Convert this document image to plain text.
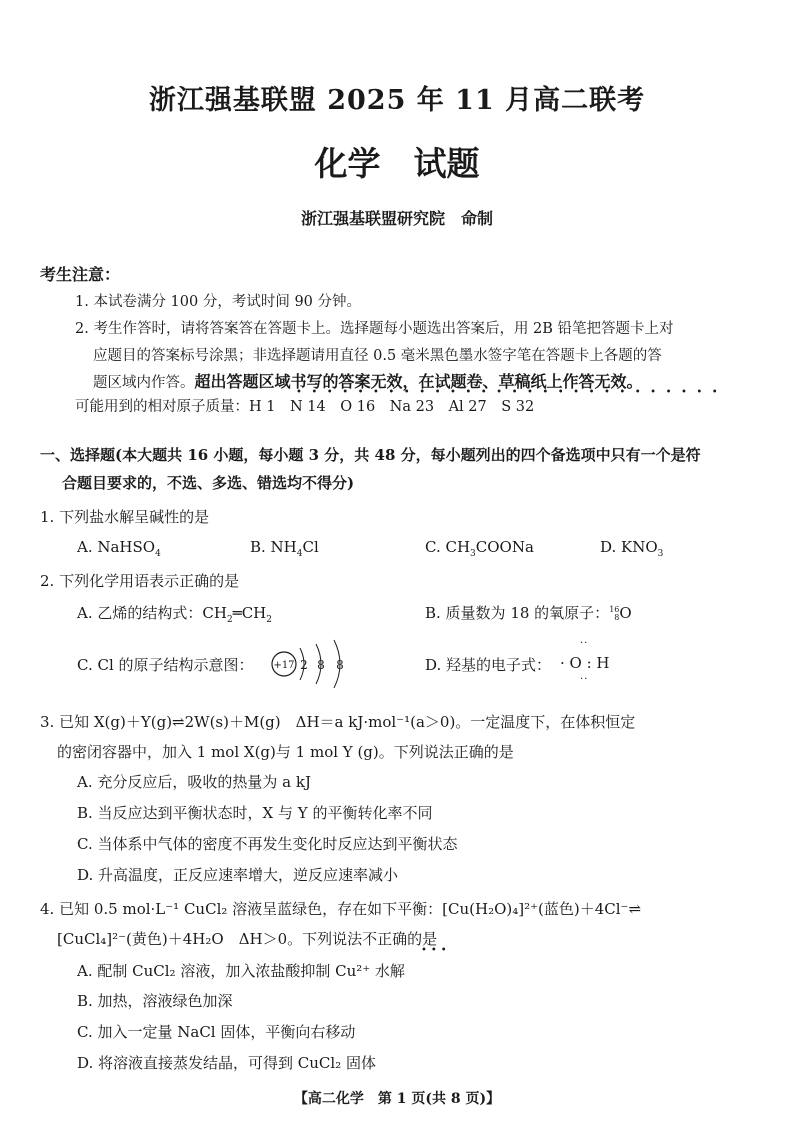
浙江强基联盟 2025 年 11 月高二联考
化学　试题
浙江强基联盟研究院　命制
考生注意：
1. 本试卷满分 100 分，考试时间 90 分钟。
2. 考生作答时，请将答案答在答题卡上。选择题每小题选出答案后，用 2B 铅笔把答题卡上对
应题目的答案标号涂黑；非选择题请用直径 0.5 毫米黑色墨水签字笔在答题卡上各题的答
题区域内作答。超出答题区域书写的答案无效，在试题卷、草稿纸上作答无效。
••••••••••••••••••••••••••••
可能用到的相对原子质量：H 1　N 14　O 16　Na 23　Al 27　S 32
一、选择题(本大题共 16 小题，每小题 3 分，共 48 分，每小题列出的四个备选项中只有一个是符
合题目要求的，不选、多选、错选均不得分)
1. 下列盐水解呈碱性的是
A. NaHSO$_4$	B. $NH_4Cl$	C. $CH_3COONa$	D. $KNO_3$
2. 下列化学用语表示正确的是
A. 乙烯的结构式：$CH_2═CH_2$	B. 质量数为 18 的氧原子： 16
8 O
C. Cl 的原子结构示意图： +17 2 8 8	D. 羟基的电子式：
··
· O : H
··
3. 已知 X(g)＋Y(g)⇌2W(s)＋M(g)　ΔH＝a kJ·mol⁻¹(a＞0)。一定温度下，在体积恒定
的密闭容器中，加入 1 mol X(g)与 1 mol Y (g)。下列说法正确的是
A. 充分反应后，吸收的热量为 a kJ
B. 当反应达到平衡状态时，X 与 Y 的平衡转化率不同
C. 当体系中气体的密度不再发生变化时反应达到平衡状态
D. 升高温度，正反应速率增大，逆反应速率减小
4. 已知 0.5 mol·L⁻¹ CuCl₂ 溶液呈蓝绿色，存在如下平衡：[Cu(H₂O)₄]²⁺(蓝色)＋4Cl⁻⇌
[CuCl₄]²⁻(黄色)＋4H₂O　ΔH＞0。下列说法不正确的是
•••
A. 配制 CuCl₂ 溶液，加入浓盐酸抑制 Cu²⁺ 水解
B. 加热，溶液绿色加深
C. 加入一定量 NaCl 固体，平衡向右移动
D. 将溶液直接蒸发结晶，可得到 CuCl₂ 固体
【高二化学　第 1 页(共 8 页)】
